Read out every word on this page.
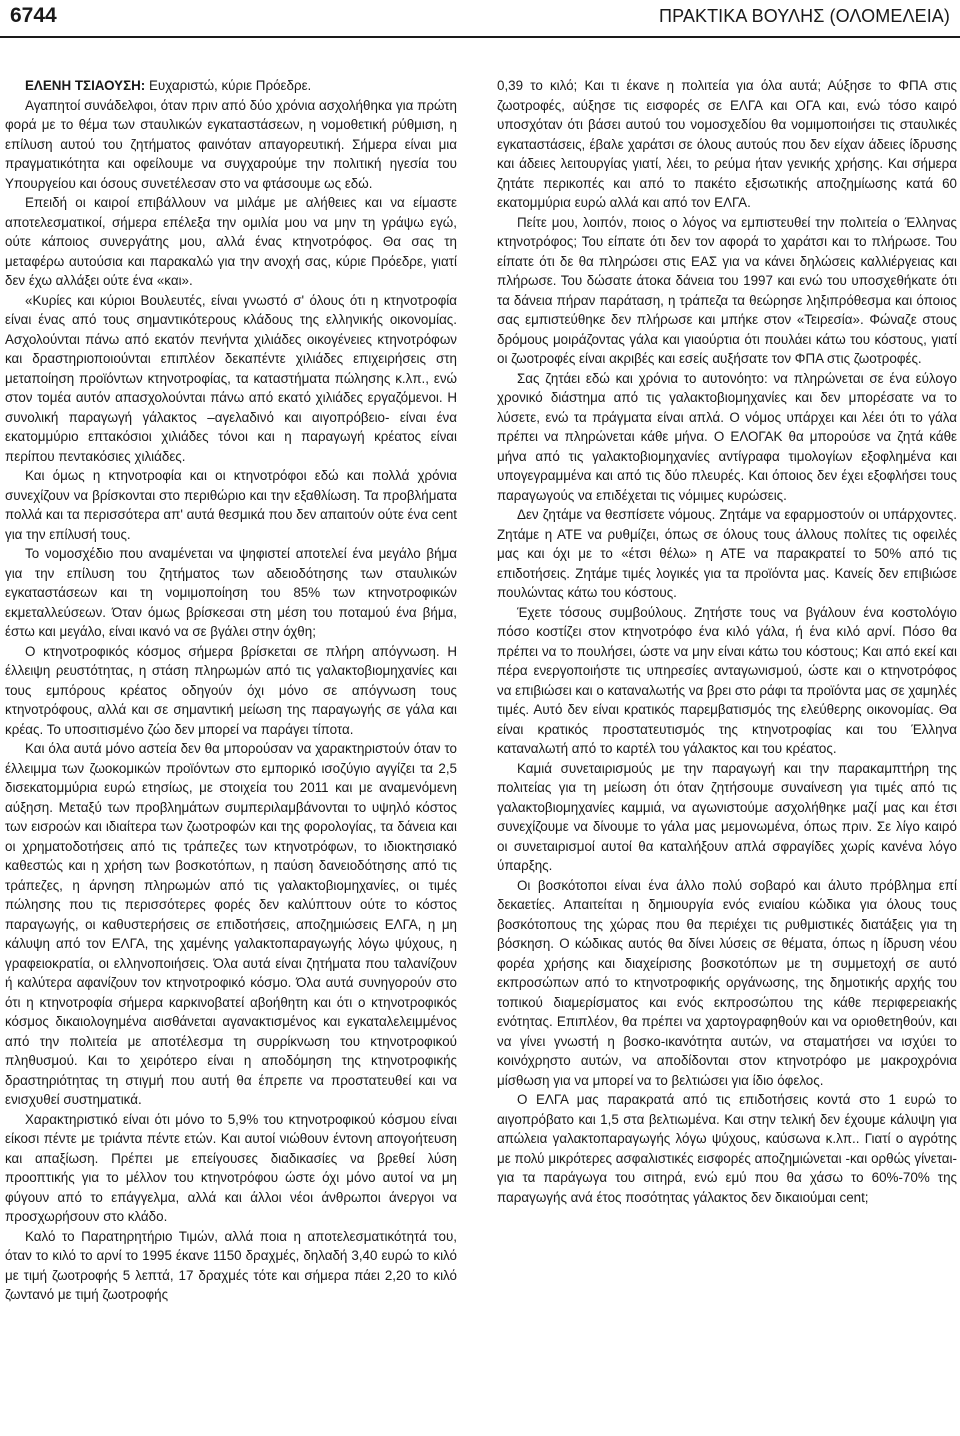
6744	ΠΡΑΚΤΙΚΑ ΒΟΥΛΗΣ (ΟΛΟΜΕΛΕΙΑ)

ΕΛΕΝΗ ΤΣΙΑΟΥΣΗ: Ευχαριστώ, κύριε Πρόεδρε.

Αγαπητοί συνάδελφοι, όταν πριν από δύο χρόνια ασχολήθηκα για πρώτη φορά με το θέμα των σταυλικών εγκαταστάσεων, η νομοθετική ρύθμιση, η επίλυση αυτού του ζητήματος φαινόταν απαγορευτική. Σήμερα είναι μια πραγματικότητα και οφείλουμε να συγχαρούμε την πολιτική ηγεσία του Υπουργείου και όσους συνετέλεσαν στο να φτάσουμε ως εδώ.

Επειδή οι καιροί επιβάλλουν να μιλάμε με αλήθειες και να είμαστε αποτελεσματικοί, σήμερα επέλεξα την ομιλία μου να μην τη γράψω εγώ, ούτε κάποιος συνεργάτης μου, αλλά ένας κτηνοτρόφος. Θα σας τη μεταφέρω αυτούσια και παρακαλώ για την ανοχή σας, κύριε Πρόεδρε, γιατί δεν έχω αλλάξει ούτε ένα «και».

«Κυρίες και κύριοι Βουλευτές, είναι γνωστό σ' όλους ότι η κτηνοτροφία είναι ένας από τους σημαντικότερους κλάδους της ελληνικής οικονομίας. Ασχολούνται πάνω από εκατόν πενήντα χιλιάδες οικογένειες κτηνοτρόφων και δραστηριοποιούνται επιπλέον δεκαπέντε χιλιάδες επιχειρήσεις στη μεταποίηση προϊόντων κτηνοτροφίας, τα καταστήματα πώλησης κ.λπ., ενώ στον τομέα αυτόν απασχολούνται πάνω από εκατό χιλιάδες εργαζόμενοι. Η συνολική παραγωγή γάλακτος –αγελαδινό και αιγοπρόβειο- είναι ένα εκατομμύριο επτακόσιοι χιλιάδες τόνοι και η παραγωγή κρέατος είναι περίπου πεντακόσιες χιλιάδες.

Και όμως η κτηνοτροφία και οι κτηνοτρόφοι εδώ και πολλά χρόνια συνεχίζουν να βρίσκονται στο περιθώριο και την εξαθλίωση. Τα προβλήματα πολλά και τα περισσότερα απ' αυτά θεσμικά που δεν απαιτούν ούτε ένα cent για την επίλυσή τους.

Το νομοσχέδιο που αναμένεται να ψηφιστεί αποτελεί ένα μεγάλο βήμα για την επίλυση του ζητήματος των αδειοδότησης των σταυλικών εγκαταστάσεων και τη νομιμοποίηση του 85% των κτηνοτροφικών εκμεταλλεύσεων. Όταν όμως βρίσκεσαι στη μέση του ποταμού ένα βήμα, έστω και μεγάλο, είναι ικανό να σε βγάλει στην όχθη;

Ο κτηνοτροφικός κόσμος σήμερα βρίσκεται σε πλήρη απόγνωση. Η έλλειψη ρευστότητας, η στάση πληρωμών από τις γαλακτοβιομηχανίες και τους εμπόρους κρέατος οδηγούν όχι μόνο σε απόγνωση τους κτηνοτρόφους, αλλά και σε σημαντική μείωση της παραγωγής σε γάλα και κρέας. Το υποσιτισμένο ζώο δεν μπορεί να παράγει τίποτα.

Και όλα αυτά μόνο αστεία δεν θα μπορούσαν να χαρακτηριστούν όταν το έλλειμμα των ζωοκομικών προϊόντων στο εμπορικό ισοζύγιο αγγίζει τα 2,5 δισεκατομμύρια ευρώ ετησίως, με στοιχεία του 2011 και με αναμενόμενη αύξηση. Μεταξύ των προβλημάτων συμπεριλαμβάνονται το υψηλό κόστος των εισροών και ιδιαίτερα των ζωοτροφών και της φορολογίας, τα δάνεια και οι χρηματοδοτήσεις από τις τράπεζες των κτηνοτρόφων, το ιδιοκτησιακό καθεστώς και η χρήση των βοσκοτόπων, η παύση δανειοδότησης από τις τράπεζες, η άρνηση πληρωμών από τις γαλακτοβιομηχανίες, οι τιμές πώλησης που τις περισσότερες φορές δεν καλύπτουν ούτε το κόστος παραγωγής, οι καθυστερήσεις σε επιδοτήσεις, αποζημιώσεις ΕΛΓΑ, η μη κάλυψη από τον ΕΛΓΑ, της χαμένης γαλακτοπαραγωγής λόγω ψύχους, η γραφειοκρατία, οι ελληνοποιήσεις. Όλα αυτά είναι ζητήματα που ταλανίζουν ή καλύτερα αφανίζουν τον κτηνοτροφικό κόσμο. Όλα αυτά συνηγορούν στο ότι η κτηνοτροφία σήμερα καρκινοβατεί αβοήθητη και ότι ο κτηνοτροφικός κόσμος δικαιολογημένα αισθάνεται αγανακτισμένος και εγκαταλελειμμένος από την πολιτεία με αποτέλεσμα τη συρρίκνωση του κτηνοτροφικού πληθυσμού. Και το χειρότερο είναι η αποδόμηση της κτηνοτροφικής δραστηριότητας τη στιγμή που αυτή θα έπρεπε να προστατευθεί και να ενισχυθεί συστηματικά.

Χαρακτηριστικό είναι ότι μόνο το 5,9% του κτηνοτροφικού κόσμου είναι είκοσι πέντε με τριάντα πέντε ετών. Και αυτοί νιώθουν έντονη απογοήτευση και απαξίωση. Πρέπει με επείγουσες διαδικασίες να βρεθεί λύση προοπτικής για το μέλλον του κτηνοτρόφου ώστε όχι μόνο αυτοί να μη φύγουν από το επάγγελμα, αλλά και άλλοι νέοι άνθρωποι άνεργοι να προσχωρήσουν στο κλάδο.

Καλό το Παρατηρητήριο Τιμών, αλλά ποια η αποτελεσματικότητά του, όταν το κιλό το αρνί το 1995 έκανε 1150 δραχμές, δηλαδή 3,40 ευρώ το κιλό με τιμή ζωοτροφής 5 λεπτά, 17 δραχμές τότε και σήμερα πάει 2,20 το κιλό ζωντανό με τιμή ζωοτροφής

0,39 το κιλό; Και τι έκανε η πολιτεία για όλα αυτά; Αύξησε το ΦΠΑ στις ζωοτροφές, αύξησε τις εισφορές σε ΕΛΓΑ και ΟΓΑ και, ενώ τόσο καιρό υποσχόταν ότι βάσει αυτού του νομοσχεδίου θα νομιμοποιήσει τις σταυλικές εγκαταστάσεις, έβαλε χαράτσι σε όλους αυτούς που δεν είχαν άδειες ίδρυσης και άδειες λειτουργίας γιατί, λέει, το ρεύμα ήταν γενικής χρήσης. Και σήμερα ζητάτε περικοπές και από το πακέτο εξισωτικής αποζημίωσης κατά 60 εκατομμύρια ευρώ αλλά και από τον ΕΛΓΑ.

Πείτε μου, λοιπόν, ποιος ο λόγος να εμπιστευθεί την πολιτεία ο Έλληνας κτηνοτρόφος; Του είπατε ότι δεν τον αφορά το χαράτσι και το πλήρωσε. Του είπατε ότι δε θα πληρώσει στις ΕΑΣ για να κάνει δηλώσεις καλλιέργειας και πλήρωσε. Του δώσατε άτοκα δάνεια του 1997 και ενώ του υποσχεθήκατε ότι τα δάνεια πήραν παράταση, η τράπεζα τα θεώρησε ληξιπρόθεσμα και όποιος σας εμπιστεύθηκε δεν πλήρωσε και μπήκε στον «Τειρεσία». Φώναζε στους δρόμους μοιράζοντας γάλα και γιαούρτια ότι πουλάει κάτω του κόστους, γιατί οι ζωοτροφές είναι ακριβές και εσείς αυξήσατε τον ΦΠΑ στις ζωοτροφές.

Σας ζητάει εδώ και χρόνια το αυτονόητο: να πληρώνεται σε ένα εύλογο χρονικό διάστημα από τις γαλακτοβιομηχανίες και δεν μπορέσατε να το λύσετε, ενώ τα πράγματα είναι απλά. Ο νόμος υπάρχει και λέει ότι το γάλα πρέπει να πληρώνεται κάθε μήνα. Ο ΕΛΟΓΑΚ θα μπορούσε να ζητά κάθε μήνα από τις γαλακτοβιομηχανίες αντίγραφα τιμολογίων εξοφλημένα και υπογεγραμμένα και από τις δύο πλευρές. Και όποιος δεν έχει εξοφλήσει τους παραγωγούς να επιδέχεται τις νόμιμες κυρώσεις.

Δεν ζητάμε να θεσπίσετε νόμους. Ζητάμε να εφαρμοστούν οι υπάρχοντες. Ζητάμε η ΑΤΕ να ρυθμίζει, όπως σε όλους τους άλλους πολίτες τις οφειλές μας και όχι με το «έτσι θέλω» η ΑΤΕ να παρακρατεί το 50% από τις επιδοτήσεις. Ζητάμε τιμές λογικές για τα προϊόντα μας. Κανείς δεν επιβιώσε πουλώντας κάτω του κόστους.

Έχετε τόσους συμβούλους. Ζητήστε τους να βγάλουν ένα κοστολόγιο πόσο κοστίζει στον κτηνοτρόφο ένα κιλό γάλα, ή ένα κιλό αρνί. Πόσο θα πρέπει να το πουλήσει, ώστε να μην είναι κάτω του κόστους; Και από εκεί και πέρα ενεργοποιήστε τις υπηρεσίες ανταγωνισμού, ώστε και ο κτηνοτρόφος να επιβιώσει και ο καταναλωτής να βρει στο ράφι τα προϊόντα μας σε χαμηλές τιμές. Αυτό δεν είναι κρατικός παρεμβατισμός της ελεύθερης οικονομίας. Θα είναι κρατικός προστατευτισμός της κτηνοτροφίας και του Έλληνα καταναλωτή από το καρτέλ του γάλακτος και του κρέατος.

Καμιά συνεταιρισμούς με την παραγωγή και την παρακαμπτήρη της πολιτείας για τη μείωση ότι όταν ζητήσουμε συναίνεση για τιμές από τις γαλακτοβιομηχανίες καμμιά, να αγωνιστούμε ασχολήθηκε μαζί μας και έτσι συνεχίζουμε να δίνουμε το γάλα μας μεμονωμένα, όπως πριν. Σε λίγο καιρό οι συνεταιρισμοί αυτοί θα καταλήξουν απλά σφραγίδες χωρίς κανένα λόγο ύπαρξης.

Οι βοσκότοποι είναι ένα άλλο πολύ σοβαρό και άλυτο πρόβλημα επί δεκαετίες. Απαιτείται η δημιουργία ενός ενιαίου κώδικα για όλους τους βοσκότοπους της χώρας που θα περιέχει τις ρυθμιστικές διατάξεις για τη βόσκηση. Ο κώδικας αυτός θα δίνει λύσεις σε θέματα, όπως η ίδρυση νέου φορέα χρήσης και διαχείρισης βοσκοτόπων με τη συμμετοχή σε αυτό εκπροσώπων από το κτηνοτροφικής οργάνωσης, της δημοτικής αρχής του τοπικού διαμερίσματος και ενός εκπροσώπου της κάθε περιφερειακής ενότητας. Επιπλέον, θα πρέπει να χαρτογραφηθούν και να οριοθετηθούν, και να γίνει γνωστή η βοσκο-ικανότητα αυτών, να σταματήσει να ισχύει το κοινόχρηστο αυτών, να αποδίδονται στον κτηνοτρόφο με μακροχρόνια μίσθωση για να μπορεί να το βελτιώσει για ίδιο όφελος.

Ο ΕΛΓΑ μας παρακρατά από τις επιδοτήσεις κοντά στο 1 ευρώ το αιγοπρόβατο και 1,5 στα βελτιωμένα. Και στην τελική δεν έχουμε κάλυψη για απώλεια γαλακτοπαραγωγής λόγω ψύχους, καύσωνα κ.λπ.. Γιατί ο αγρότης με πολύ μικρότερες ασφαλιστικές εισφορές αποζημιώνεται -και ορθώς γίνεται- για τα παράγωγα του σιτηρά, ενώ εμύ που θα χάσω το 60%-70% της παραγωγής ανά έτος ποσότητας γάλακτος δεν δικαιούμαι cent;
